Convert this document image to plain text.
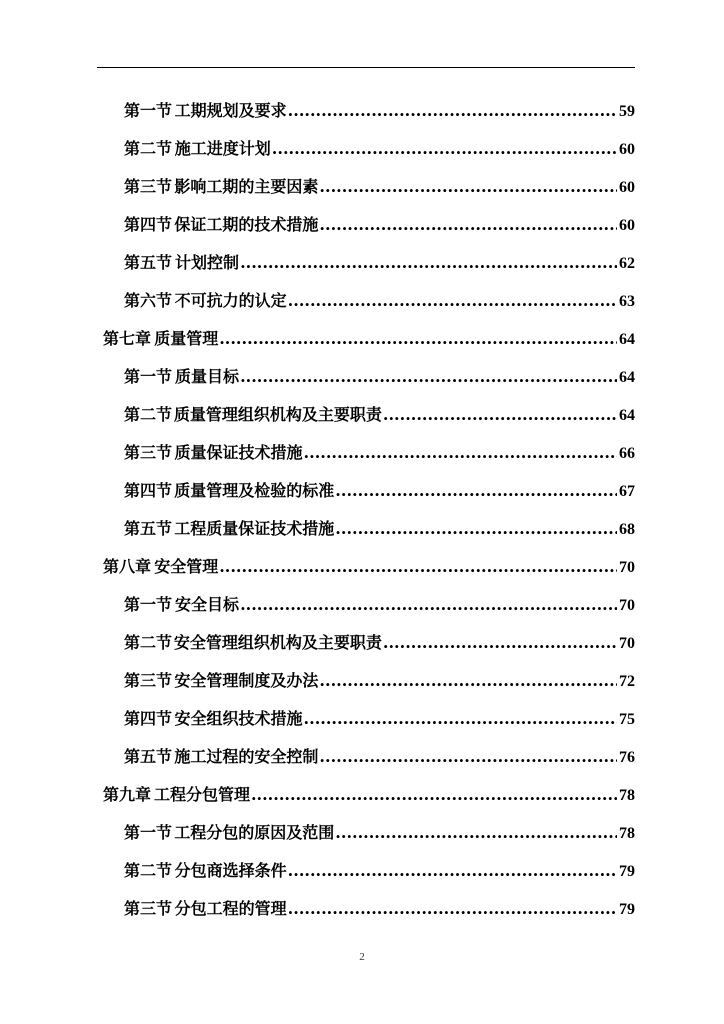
第一节 工期规划及要求 .....	59
第二节 施工进度计划 .....	60
第三节 影响工期的主要因素 .....	60
第四节 保证工期的技术措施 .....	60
第五节 计划控制 .....	62
第六节 不可抗力的认定 .....	63
第七章 质量管理 .....	64
第一节 质量目标 .....	64
第二节 质量管理组织机构及主要职责 .....	64
第三节 质量保证技术措施 .....	66
第四节 质量管理及检验的标准 .....	67
第五节 工程质量保证技术措施 .....	68
第八章 安全管理 .....	70
第一节 安全目标 .....	70
第二节 安全管理组织机构及主要职责 .....	70
第三节 安全管理制度及办法 .....	72
第四节 安全组织技术措施 .....	75
第五节 施工过程的安全控制 .....	76
第九章 工程分包管理 .....	78
第一节 工程分包的原因及范围 .....	78
第二节 分包商选择条件 .....	79
第三节 分包工程的管理 .....	79
2
